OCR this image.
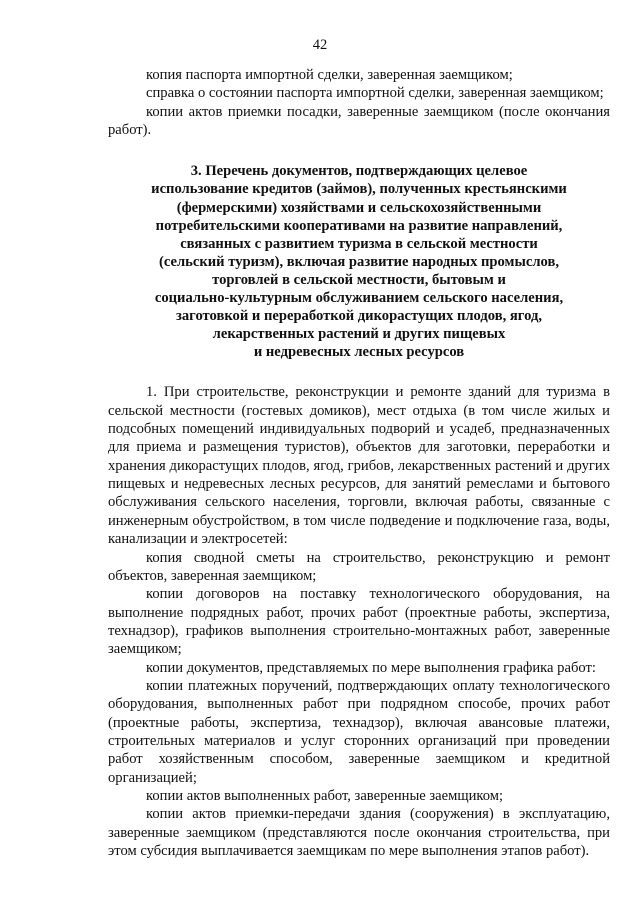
42

копия паспорта импортной сделки, заверенная заемщиком;

справка о состоянии паспорта импортной сделки, заверенная заемщиком;

копии актов приемки посадки, заверенные заемщиком (после окончания работ).

3. Перечень документов, подтверждающих целевое
использование кредитов (займов), полученных крестьянскими
(фермерскими) хозяйствами и сельскохозяйственными
потребительскими кооперативами на развитие направлений,
связанных с развитием туризма в сельской местности
(сельский туризм), включая развитие народных промыслов,
торговлей в сельской местности, бытовым и
социально-культурным обслуживанием сельского населения,
заготовкой и переработкой дикорастущих плодов, ягод,
лекарственных растений и других пищевых
и недревесных лесных ресурсов

1. При строительстве, реконструкции и ремонте зданий для туризма в сельской местности (гостевых домиков), мест отдыха (в том числе жилых и подсобных помещений индивидуальных подворий и усадеб, предназначенных для приема и размещения туристов), объектов для заготовки, переработки и хранения дикорастущих плодов, ягод, грибов, лекарственных растений и других пищевых и недревесных лесных ресурсов, для занятий ремеслами и бытового обслуживания сельского населения, торговли, включая работы, связанные с инженерным обустройством, в том числе подведение и подключение газа, воды, канализации и электросетей:

копия сводной сметы на строительство, реконструкцию и ремонт объектов, заверенная заемщиком;

копии договоров на поставку технологического оборудования, на выполнение подрядных работ, прочих работ (проектные работы, экспертиза, технадзор), графиков выполнения строительно-монтажных работ, заверенные заемщиком;

копии документов, представляемых по мере выполнения графика работ:

копии платежных поручений, подтверждающих оплату технологического оборудования, выполненных работ при подрядном способе, прочих работ (проектные работы, экспертиза, технадзор), включая авансовые платежи, строительных материалов и услуг сторонних организаций при проведении работ хозяйственным способом, заверенные заемщиком и кредитной организацией;

копии актов выполненных работ, заверенные заемщиком;

копии актов приемки-передачи здания (сооружения) в эксплуатацию, заверенные заемщиком (представляются после окончания строительства, при этом субсидия выплачивается заемщикам по мере выполнения этапов работ).
